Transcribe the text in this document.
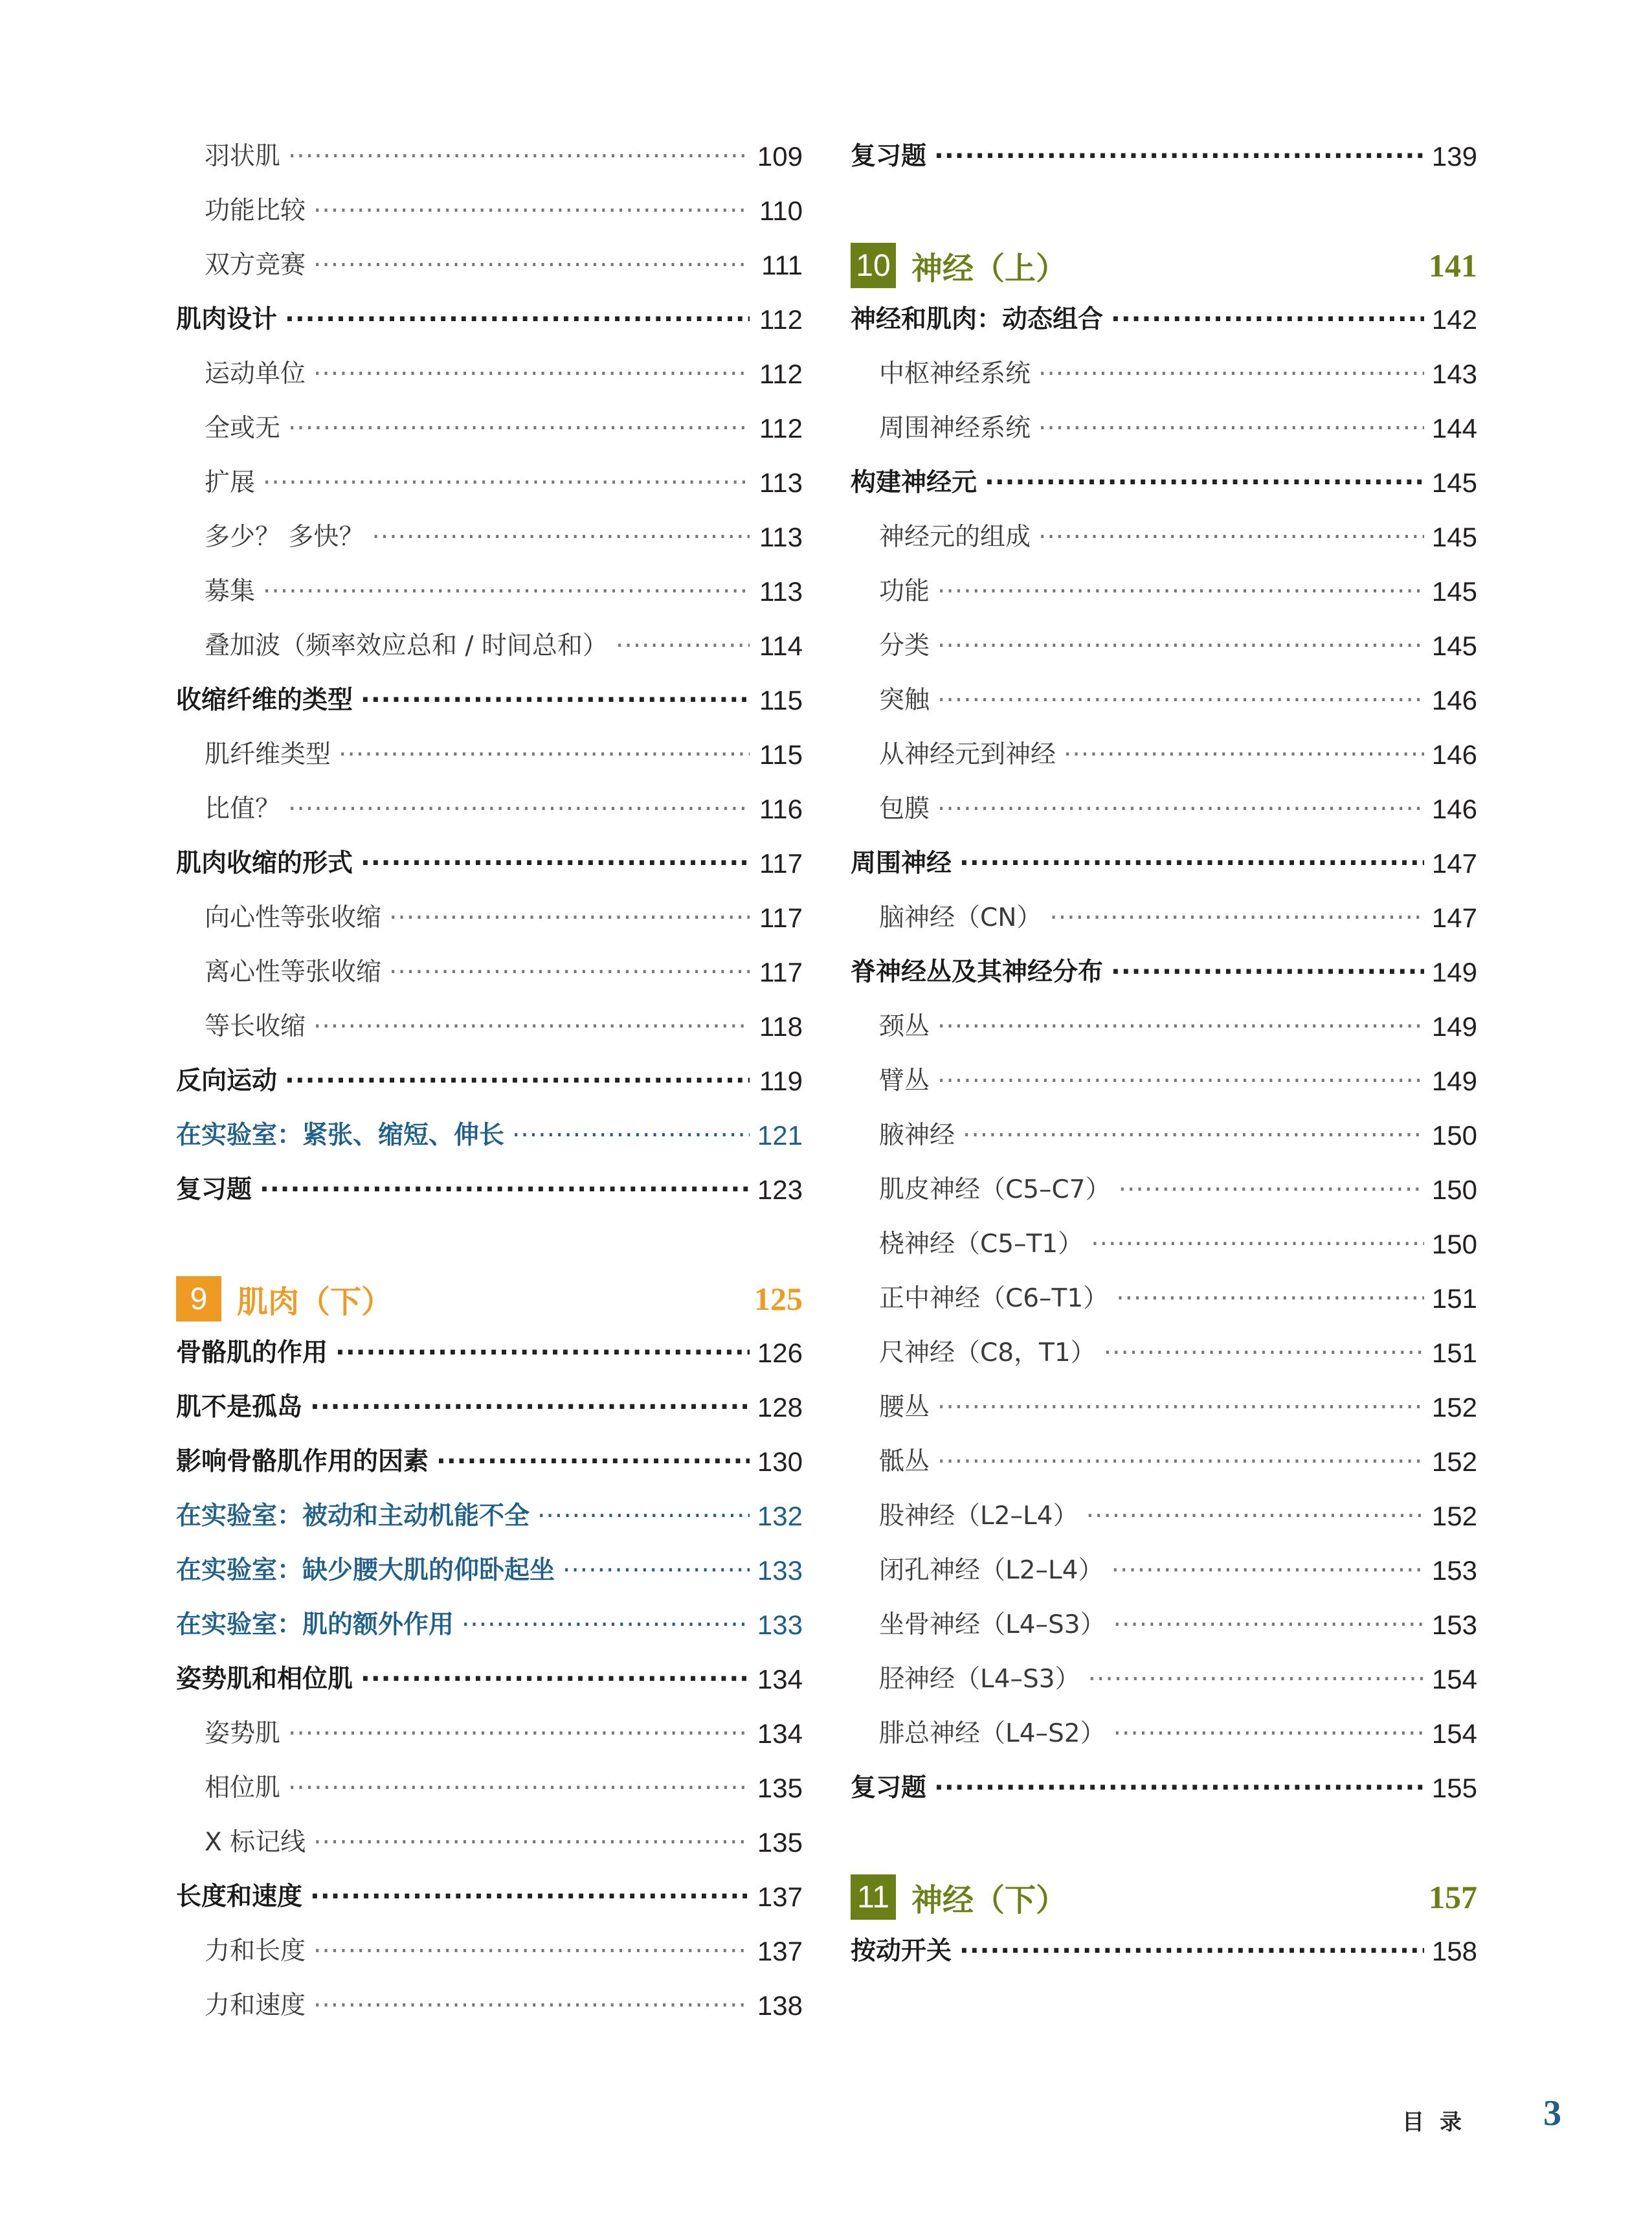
羽状肌 ·····	109
功能比较 ·····	110
双方竞赛 ·····	111
肌肉设计 ·····	112
运动单位 ·····	112
全或无 ·····	112
扩展 ·····	113
多少？ 多快？ ·····	113
募集 ·····	113
叠加波（频率效应总和 / 时间总和） ·····	114
收缩纤维的类型 ·····	115
肌纤维类型 ·····	115
比值？ ·····	116
肌肉收缩的形式 ·····	117
向心性等张收缩 ·····	117
离心性等张收缩 ·····	117
等长收缩 ·····	118
反向运动 ·····	119
在实验室：紧张、缩短、伸长 ·····	121
复习题 ·····	123
9 肌肉（下）	125
骨骼肌的作用 ·····	126
肌不是孤岛 ·····	128
影响骨骼肌作用的因素 ·····	130
在实验室：被动和主动机能不全 ·····	132
在实验室：缺少腰大肌的仰卧起坐 ·····	133
在实验室：肌的额外作用 ·····	133
姿势肌和相位肌 ·····	134
姿势肌 ·····	134
相位肌 ·····	135
X 标记线 ·····	135
长度和速度 ·····	137
力和长度 ·····	137
力和速度 ·····	138
复习题 ·····	139
10 神经（上）	141
神经和肌肉：动态组合 ·····	142
中枢神经系统 ·····	143
周围神经系统 ·····	144
构建神经元 ·····	145
神经元的组成 ·····	145
功能 ·····	145
分类 ·····	145
突触 ·····	146
从神经元到神经 ·····	146
包膜 ·····	146
周围神经 ·····	147
脑神经（CN） ·····	147
脊神经丛及其神经分布 ·····	149
颈丛 ·····	149
臂丛 ·····	149
腋神经 ·····	150
肌皮神经（C5–C7） ·····	150
桡神经（C5–T1） ·····	150
正中神经（C6–T1） ·····	151
尺神经（C8，T1） ·····	151
腰丛 ·····	152
骶丛 ·····	152
股神经（L2–L4） ·····	152
闭孔神经（L2–L4） ·····	153
坐骨神经（L4–S3） ·····	153
胫神经（L4–S3） ·····	154
腓总神经（L4–S2） ·····	154
复习题 ·····	155
11 神经（下）	157
按动开关 ·····	158
目录 3
